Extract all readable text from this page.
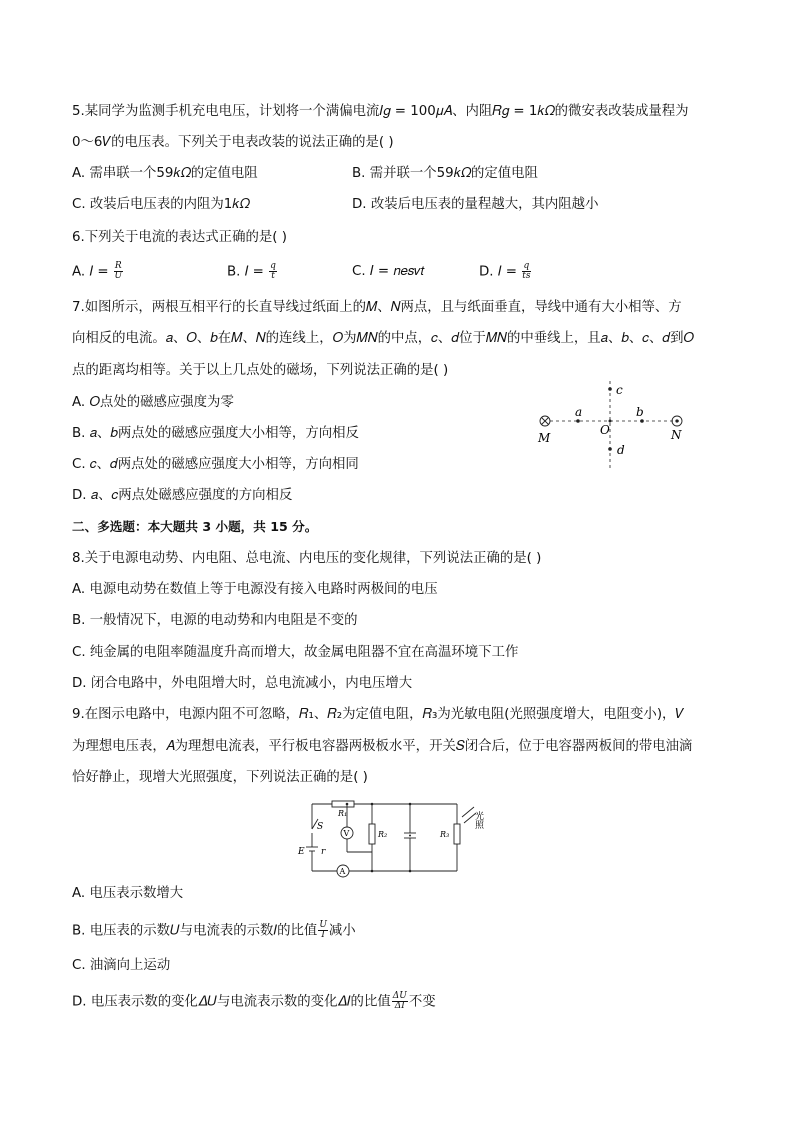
5.某同学为监测手机充电电压，计划将一个满偏电流𝐼𝑔 = 100𝜇𝐴、内阻𝑅𝑔 = 1𝑘𝛺的微安表改装成量程为
0～6𝑉的电压表。下列关于电表改装的说法正确的是( )
A. 需串联一个59𝑘𝛺的定值电阻	B. 需并联一个59𝑘𝛺的定值电阻
C. 改装后电压表的内阻为1𝑘𝛺	D. 改装后电压表的量程越大，其内阻越小
6.下列关于电流的表达式正确的是( )
A. 𝐼 = $\frac{R}{U}$	B. 𝐼 = $\frac{q}{t}$	C. 𝐼 = 𝑛𝑒𝑠𝑣𝑡	D. 𝐼 = $\frac{q}{ts}$
7.如图所示，两根互相平行的长直导线过纸面上的𝑀、𝑁两点，且与纸面垂直，导线中通有大小相等、方
向相反的电流。𝑎、𝑂、𝑏在𝑀、𝑁的连线上，𝑂为𝑀𝑁的中点，𝑐、𝑑位于𝑀𝑁的中垂线上，且𝑎、𝑏、𝑐、𝑑到𝑂
点的距离均相等。关于以上几点处的磁场，下列说法正确的是( )
A. 𝑂点处的磁感应强度为零
B. 𝑎、𝑏两点处的磁感应强度大小相等，方向相反
C. 𝑐、𝑑两点处的磁感应强度大小相等，方向相同
D. 𝑎、𝑐两点处磁感应强度的方向相反
c
a	b
O
d
M	N
二、多选题：本大题共 3 小题，共 15 分。
8.关于电源电动势、内电阻、总电流、内电压的变化规律，下列说法正确的是( )
A. 电源电动势在数值上等于电源没有接入电路时两极间的电压
B. 一般情况下，电源的电动势和内电阻是不变的
C. 纯金属的电阻率随温度升高而增大，故金属电阻器不宜在高温环境下工作
D. 闭合电路中，外电阻增大时，总电流减小，内电压增大
9.在图示电路中，电源内阻不可忽略，𝑅₁、𝑅₂为定值电阻，𝑅₃为光敏电阻(光照强度增大，电阻变小)，𝑉
为理想电压表，𝐴为理想电流表，平行板电容器两极板水平，开关𝑆闭合后，位于电容器两板间的带电油滴
恰好静止，现增大光照强度，下列说法正确的是( )
R₁
S
V	R₂	R₃
E r
A
光照
A. 电压表示数增大
B. 电压表的示数𝑈与电流表的示数𝐼的比值 $\frac{U}{I}$ 减小
C. 油滴向上运动
D. 电压表示数的变化𝛥𝑈与电流表示数的变化𝛥𝐼的比值 $\frac{\Delta U}{\Delta I}$ 不变
